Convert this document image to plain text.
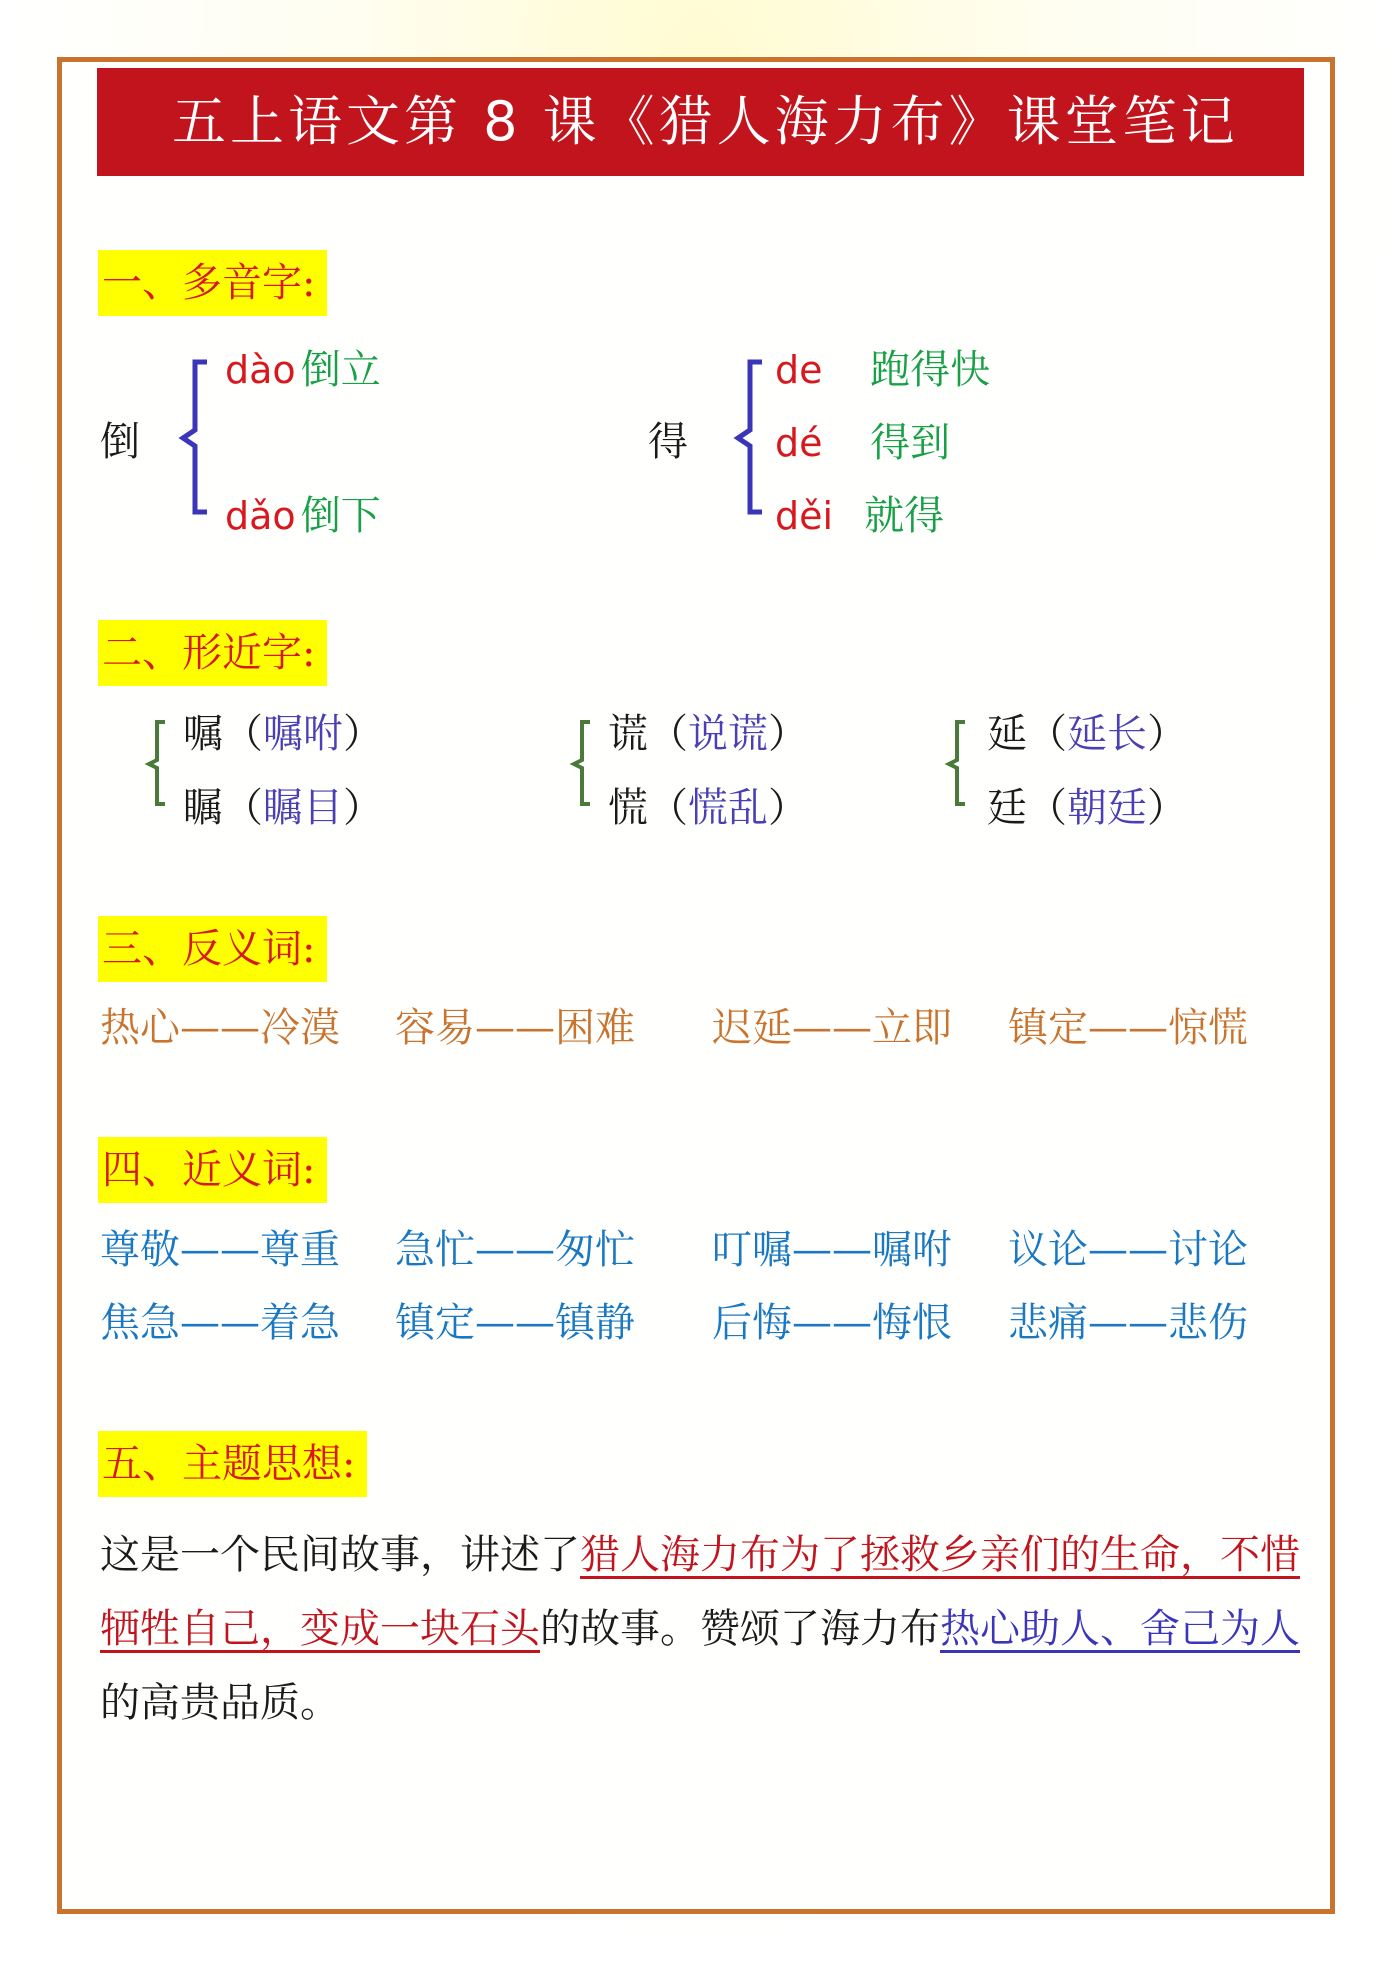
五上语文第 8 课《猎人海力布》课堂笔记
一、多音字:
倒
dào 倒立
dǎo 倒下
得
de 跑得快
dé 得到
děi 就得
二、形近字:
嘱（嘱咐）
瞩（瞩目）
谎（说谎）
慌（慌乱）
延（延长）
廷（朝廷）
三、反义词:
热心——冷漠 容易——困难 迟延——立即 镇定——惊慌
四、近义词:
尊敬——尊重 急忙——匆忙 叮嘱——嘱咐 议论——讨论
焦急——着急 镇定——镇静 后悔——悔恨 悲痛——悲伤
五、主题思想:
这是一个民间故事，讲述了猎人海力布为了拯救乡亲们的生命，不惜牺牲自己，变成一块石头的故事。赞颂了海力布热心助人、舍己为人的高贵品质。
